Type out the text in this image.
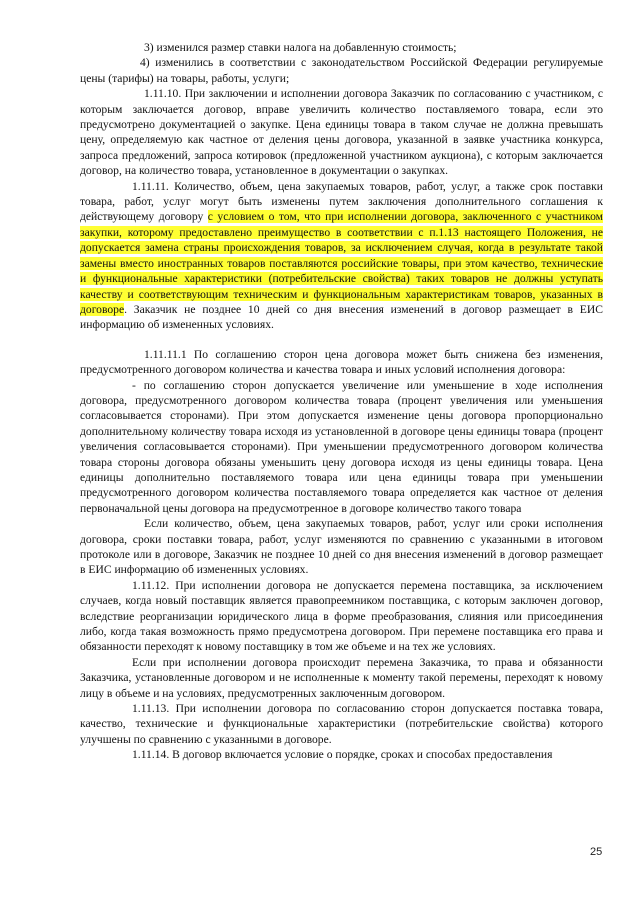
3) изменился размер ставки налога на добавленную стоимость;

4) изменились в соответствии с законодательством Российской Федерации регулируемые цены (тарифы) на товары, работы, услуги;

1.11.10. При заключении и исполнении договора Заказчик по согласованию с участником, с которым заключается договор, вправе увеличить количество поставляемого товара, если это предусмотрено документацией о закупке. Цена единицы товара в таком случае не должна превышать цену, определяемую как частное от деления цены договора, указанной в заявке участника конкурса, запроса предложений, запроса котировок (предложенной участником аукциона), с которым заключается договор, на количество товара, установленное в документации о закупках.

1.11.11. Количество, объем, цена закупаемых товаров, работ, услуг, а также срок поставки товара, работ, услуг могут быть изменены путем заключения дополнительного соглашения к действующему договору с условием о том, что при исполнении договора, заключенного с участником закупки, которому предоставлено преимущество в соответствии с п.1.13 настоящего Положения, не допускается замена страны происхождения товаров, за исключением случая, когда в результате такой замены вместо иностранных товаров поставляются российские товары, при этом качество, технические и функциональные характеристики (потребительские свойства) таких товаров не должны уступать качеству и соответствующим техническим и функциональным характеристикам товаров, указанных в договоре. Заказчик не позднее 10 дней со дня внесения изменений в договор размещает в ЕИС информацию об измененных условиях.

1.11.11.1 По соглашению сторон цена договора может быть снижена без изменения, предусмотренного договором количества и качества товара и иных условий исполнения договора:

- по соглашению сторон допускается увеличение или уменьшение в ходе исполнения договора, предусмотренного договором количества товара (процент увеличения или уменьшения согласовывается сторонами). При этом допускается изменение цены договора пропорционально дополнительному количеству товара исходя из установленной в договоре цены единицы товара (процент увеличения согласовывается сторонами). При уменьшении предусмотренного договором количества товара стороны договора обязаны уменьшить цену договора исходя из цены единицы товара. Цена единицы дополнительно поставляемого товара или цена единицы товара при уменьшении предусмотренного договором количества поставляемого товара определяется как частное от деления первоначальной цены договора на предусмотренное в договоре количество такого товара

Если количество, объем, цена закупаемых товаров, работ, услуг или сроки исполнения договора, сроки поставки товара, работ, услуг изменяются по сравнению с указанными в итоговом протоколе или в договоре, Заказчик не позднее 10 дней со дня внесения изменений в договор размещает в ЕИС информацию об измененных условиях.

1.11.12. При исполнении договора не допускается перемена поставщика, за исключением случаев, когда новый поставщик является правопреемником поставщика, с которым заключен договор, вследствие реорганизации юридического лица в форме преобразования, слияния или присоединения либо, когда такая возможность прямо предусмотрена договором. При перемене поставщика его права и обязанности переходят к новому поставщику в том же объеме и на тех же условиях.

Если при исполнении договора происходит перемена Заказчика, то права и обязанности Заказчика, установленные договором и не исполненные к моменту такой перемены, переходят к новому лицу в объеме и на условиях, предусмотренных заключенным договором.

1.11.13. При исполнении договора по согласованию сторон допускается поставка товара, качество, технические и функциональные характеристики (потребительские свойства) которого улучшены по сравнению с указанными в договоре.

1.11.14. В договор включается условие о порядке, сроках и способах предоставления

25
